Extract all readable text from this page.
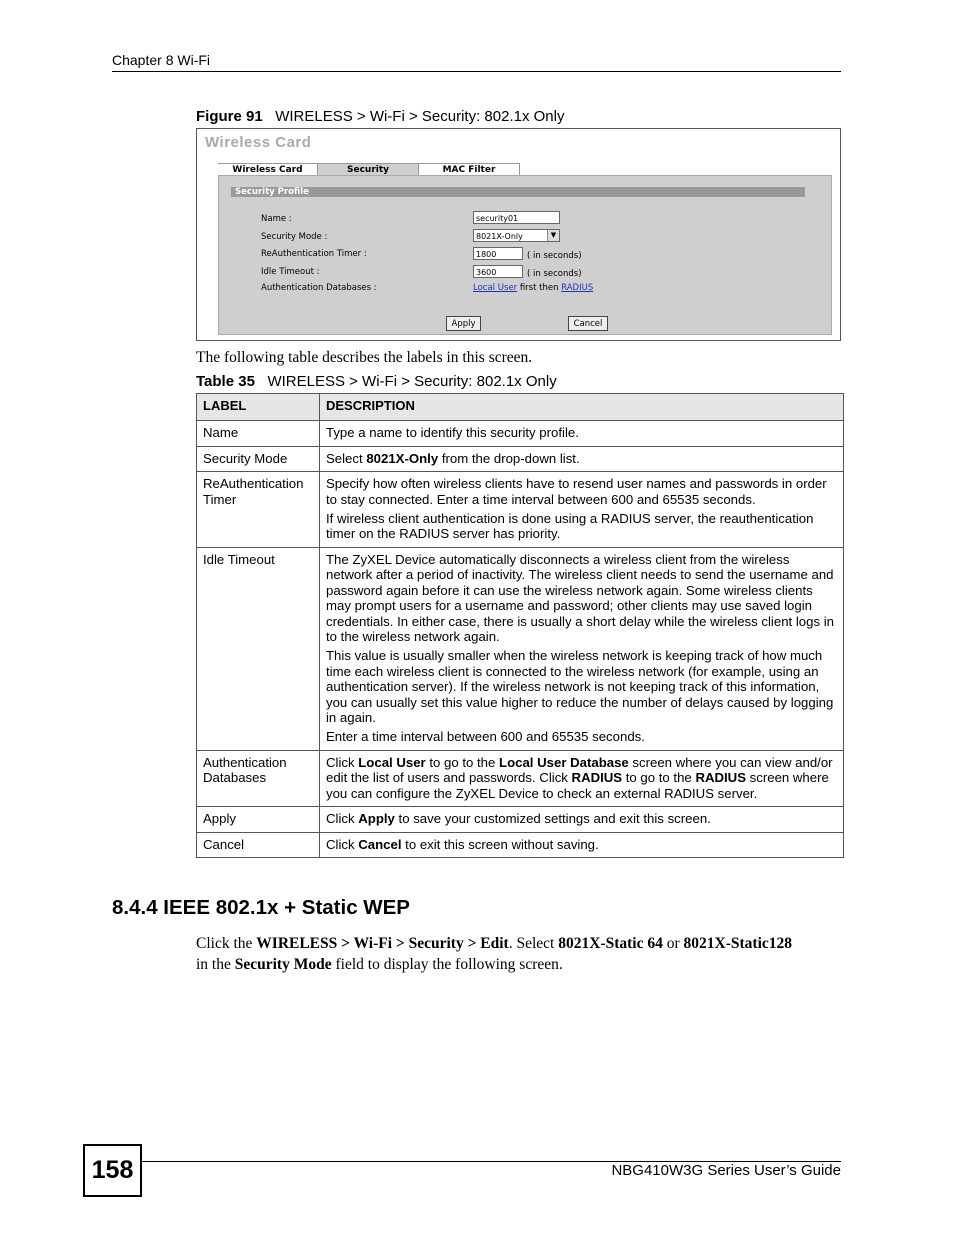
Chapter 8 Wi-Fi
Figure 91 WIRELESS > Wi-Fi > Security: 802.1x Only
Wireless Card
Wireless Card	Security	MAC Filter
Security Profile
Name :	security01
Security Mode :	8021X-Only	▼
ReAuthentication Timer :	1800	( in seconds)
Idle Timeout :	3600	( in seconds)
Authentication Databases :	Local User first then RADIUS
Apply	Cancel
The following table describes the labels in this screen.
Table 35 WIRELESS > Wi-Fi > Security: 802.1x Only
LABEL	DESCRIPTION
Name	Type a name to identify this security profile.
Security Mode	Select 8021X-Only from the drop-down list.
ReAuthentication Timer	Specify how often wireless clients have to resend user names and passwords in order to stay connected. Enter a time interval between 600 and 65535 seconds.

If wireless client authentication is done using a RADIUS server, the reauthentication timer on the RADIUS server has priority.

Idle Timeout	The ZyXEL Device automatically disconnects a wireless client from the wireless network after a period of inactivity. The wireless client needs to send the username and password again before it can use the wireless network again. Some wireless clients may prompt users for a username and password; other clients may use saved login credentials. In either case, there is usually a short delay while the wireless client logs in to the wireless network again.

This value is usually smaller when the wireless network is keeping track of how much time each wireless client is connected to the wireless network (for example, using an authentication server). If the wireless network is not keeping track of this information, you can usually set this value higher to reduce the number of delays caused by logging in again.

Enter a time interval between 600 and 65535 seconds.

Authentication Databases	Click Local User to go to the Local User Database screen where you can view and/or edit the list of users and passwords. Click RADIUS to go to the RADIUS screen where you can configure the ZyXEL Device to check an external RADIUS server.
Apply	Click Apply to save your customized settings and exit this screen.
Cancel	Click Cancel to exit this screen without saving.
8.4.4 IEEE 802.1x + Static WEP
Click the WIRELESS > Wi-Fi > Security > Edit. Select 8021X-Static 64 or 8021X-Static128 in the Security Mode field to display the following screen.
158	NBG410W3G Series User’s Guide
